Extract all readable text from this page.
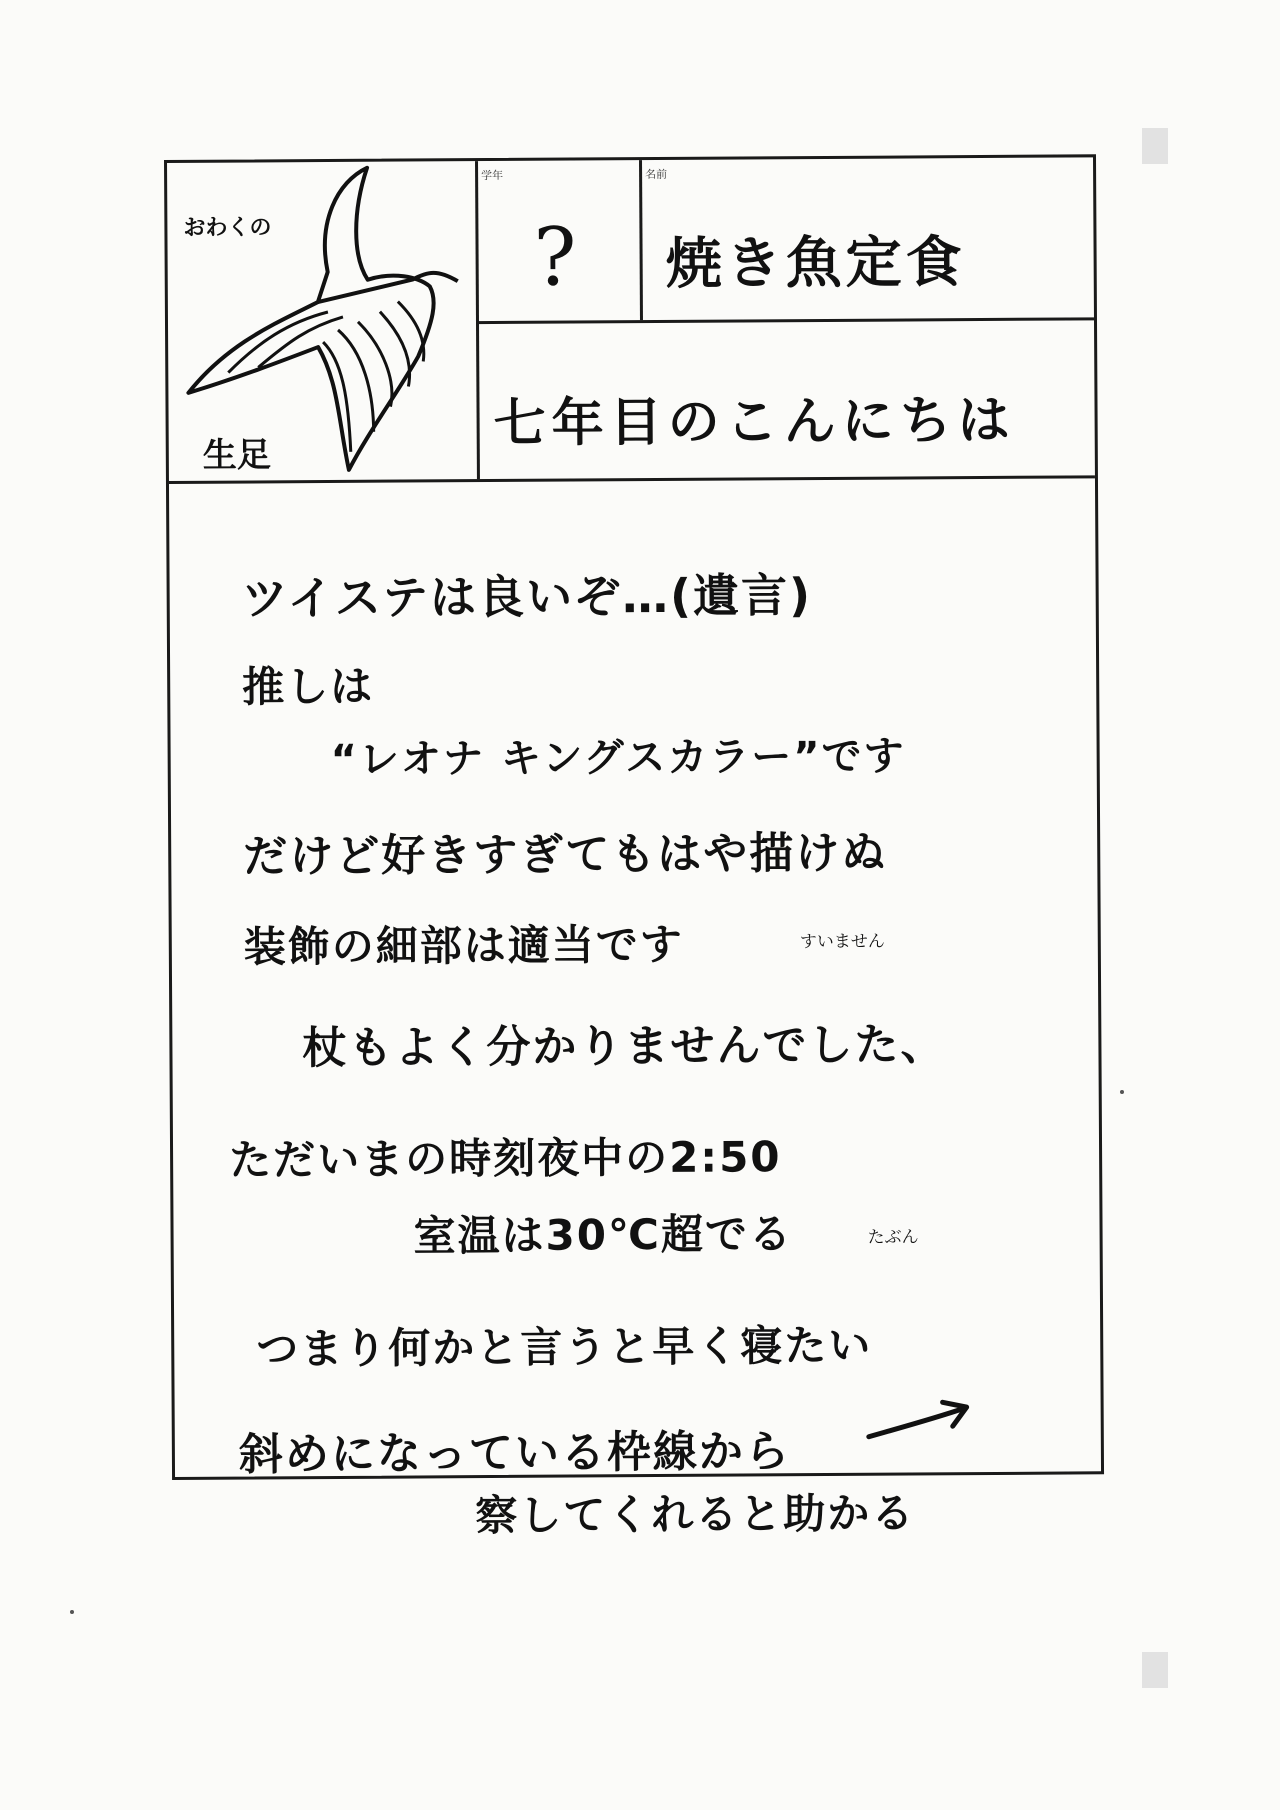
おわくの
生足
学年
?
名前
焼き魚定食
七年目のこんにちは
ツイステは良いぞ…(遺言)
推しは
“レオナ キングスカラー”です
だけど好きすぎてもはや描けぬ
装飾の細部は適当です	すいません
杖もよく分かりませんでした、
ただいまの時刻夜中の2:50
室温は30℃超でる	たぶん
つまり何かと言うと早く寝たい
斜めになっている枠線から
察してくれると助かる
